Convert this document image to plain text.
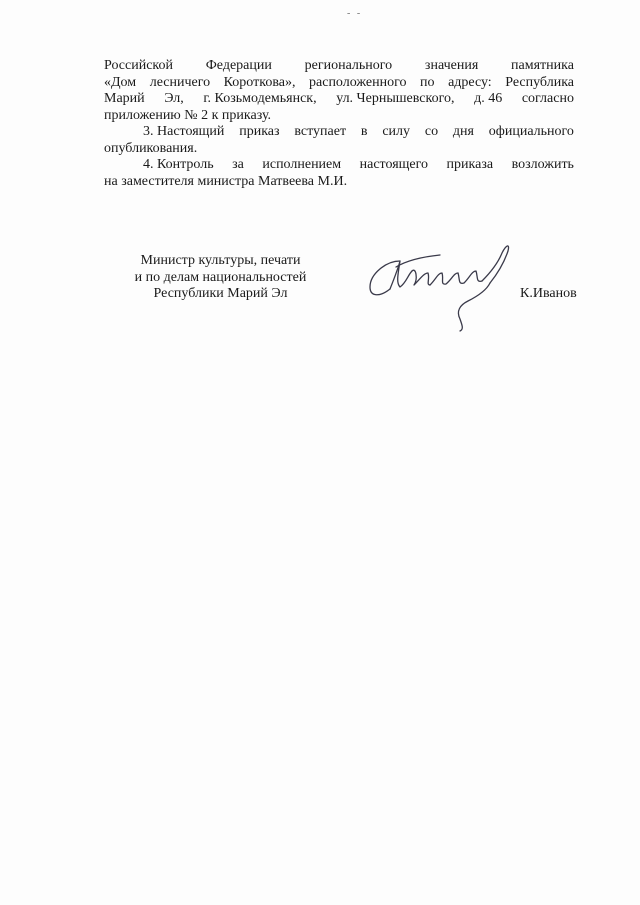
- -
Российской Федерации регионального значения памятника
«Дом лесничего Короткова», расположенного по адресу: Республика
Марий Эл, г. Козьмодемьянск, ул. Чернышевского, д. 46 согласно
приложению № 2 к приказу.
3. Настоящий приказ вступает в силу со дня официального
опубликования.
4. Контроль за исполнением настоящего приказа возложить
на заместителя министра Матвеева М.И.
Министр культуры, печати
и по делам национальностей
Республики Марий Эл	К.Иванов
